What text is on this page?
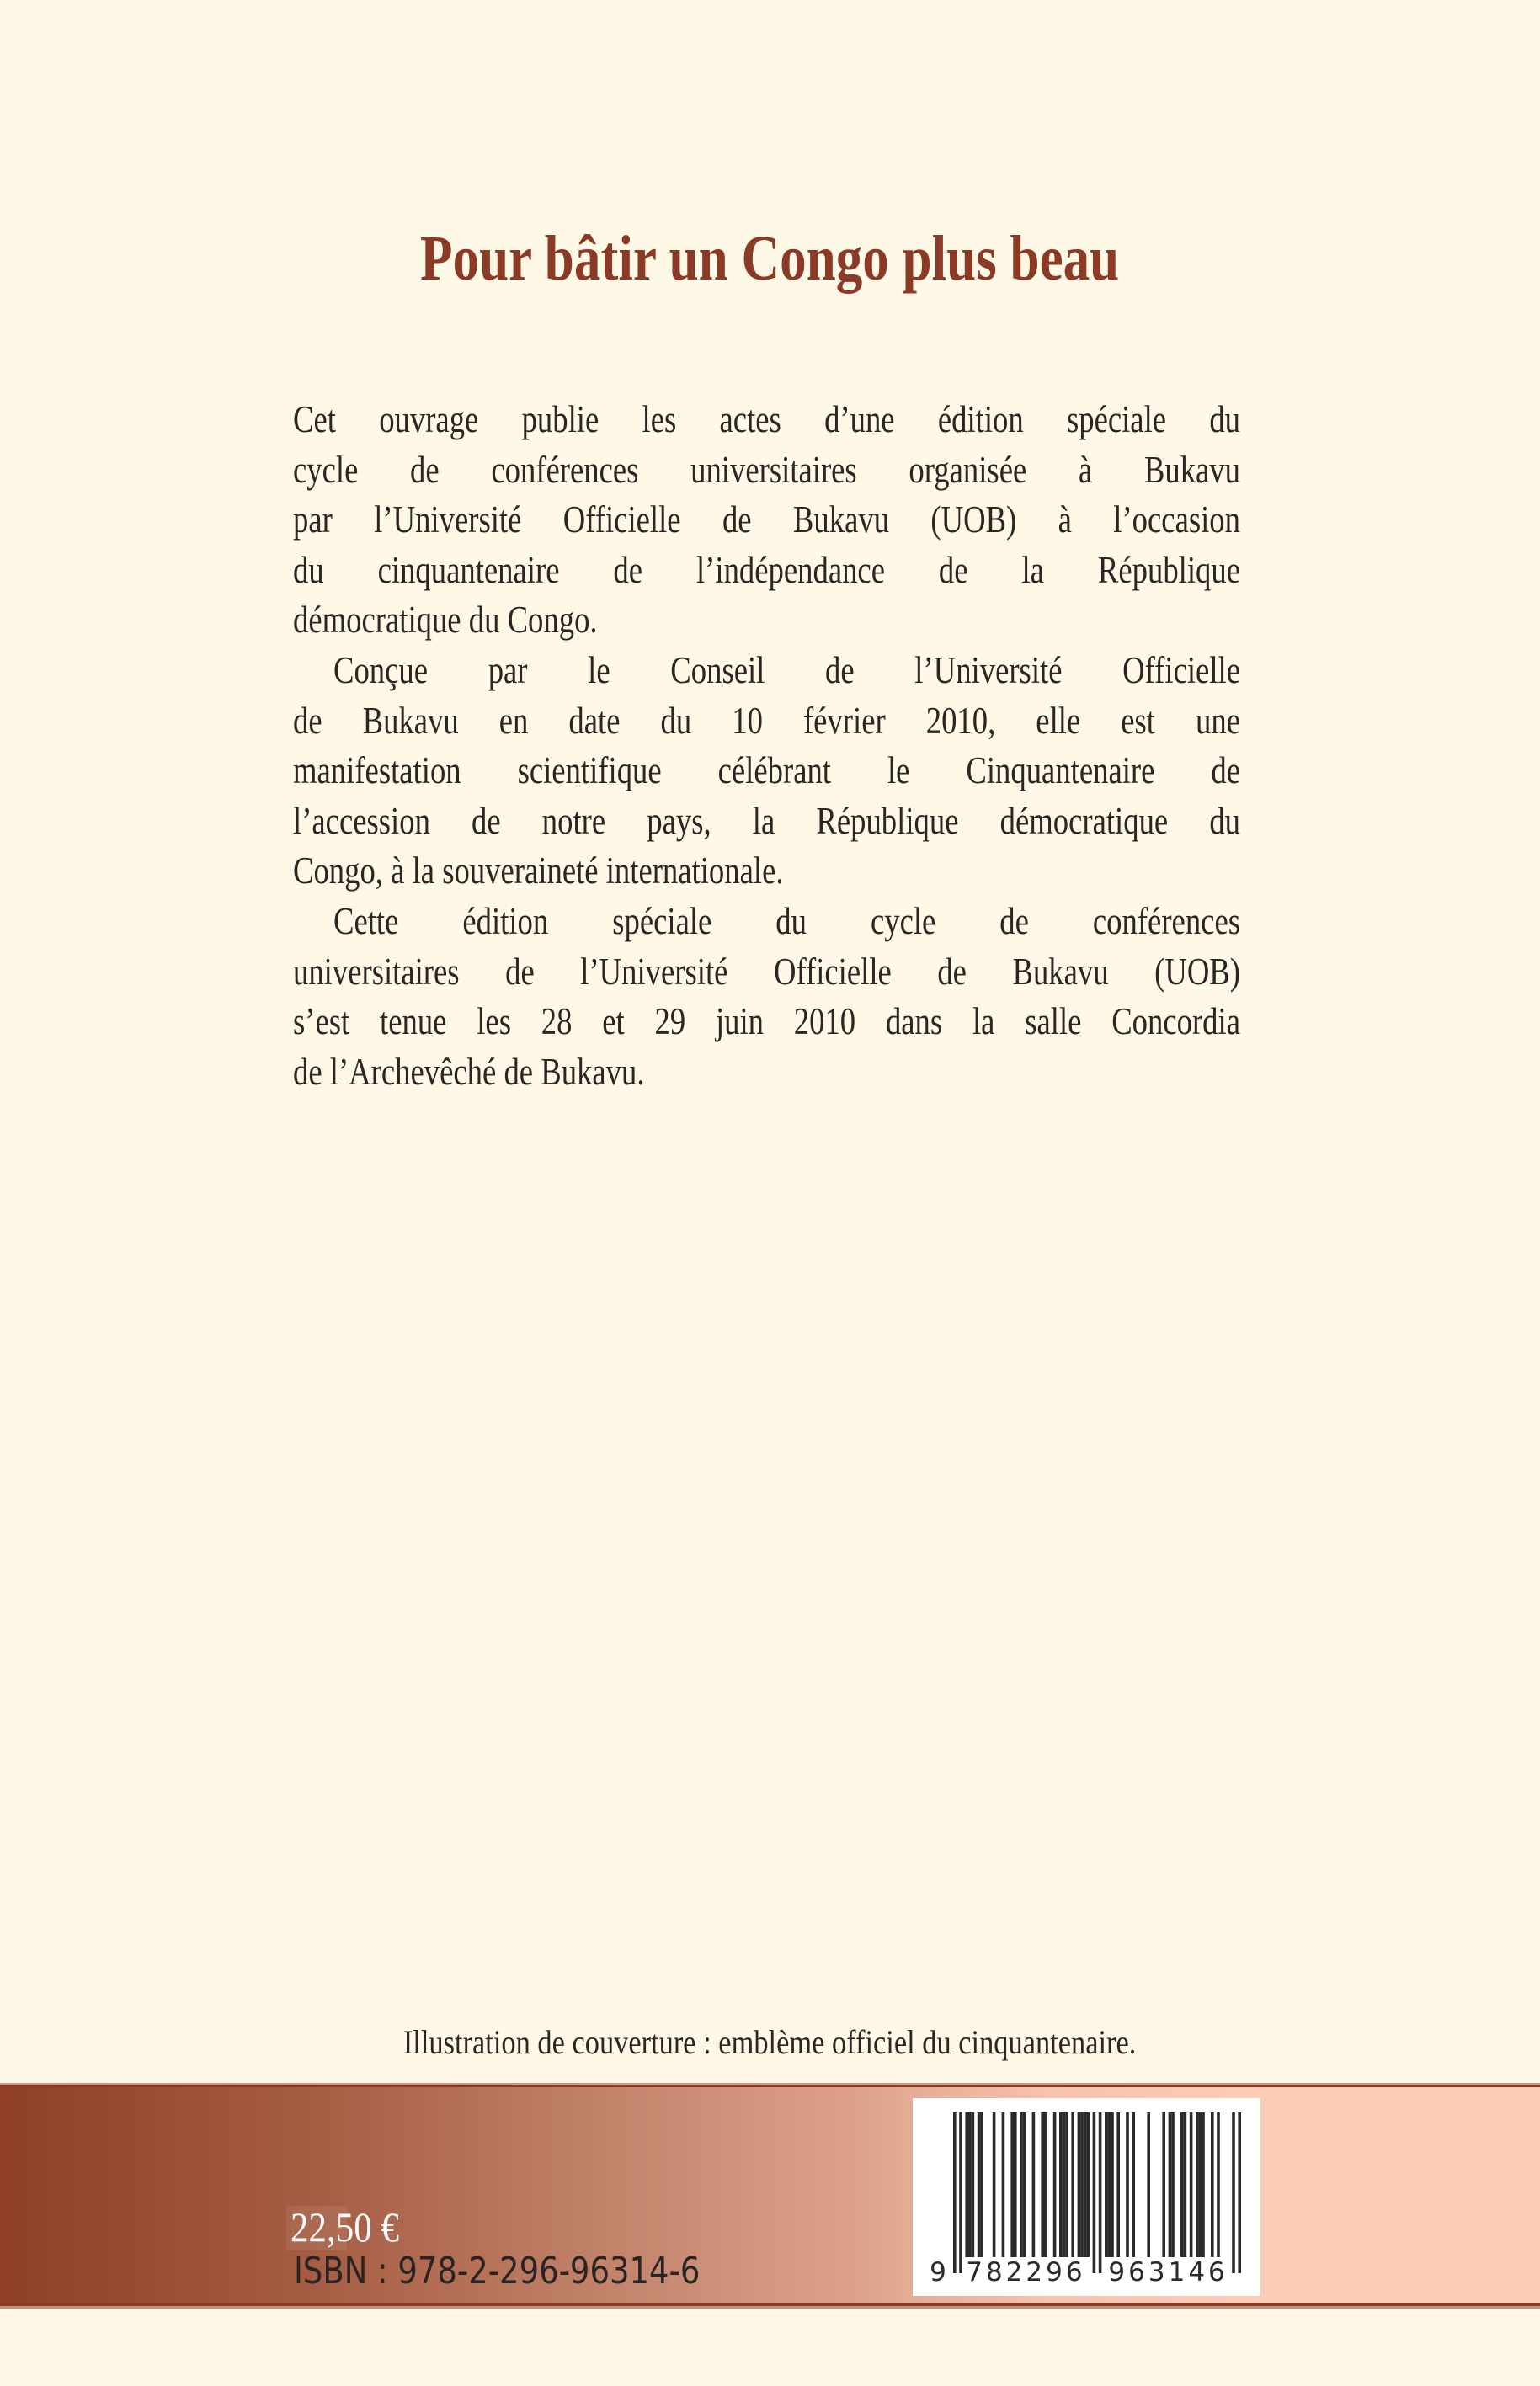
Pour bâtir un Congo plus beau
Cet ouvrage publie les actes d’une édition spéciale du
cycle de conférences universitaires organisée à Bukavu
par l’Université Officielle de Bukavu (UOB) à l’occasion
du cinquantenaire de l’indépendance de la République
démocratique du Congo.
Conçue par le Conseil de l’Université Officielle
de Bukavu en date du 10 février 2010, elle est une
manifestation scientifique célébrant le Cinquantenaire de
l’accession de notre pays, la République démocratique du
Congo, à la souveraineté internationale.
Cette édition spéciale du cycle de conférences
universitaires de l’Université Officielle de Bukavu (UOB)
s’est tenue les 28 et 29 juin 2010 dans la salle Concordia
de l’Archevêché de Bukavu.
Illustration de couverture : emblème officiel du cinquantenaire.
22,50 €
ISBN : 978-2-296-96314-6	9 782296 963146
